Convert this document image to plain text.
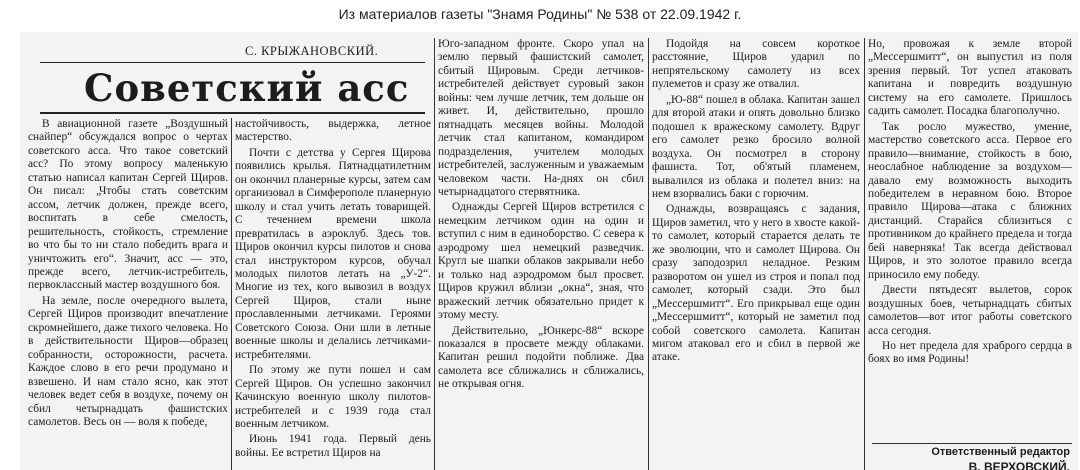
Из материалов газеты "Знамя Родины" № 538 от 22.09.1942 г.
С. КРЫЖАНОВСКИЙ.
Советский асс

В авиационной газете „Воздушный снайпер“ обсуждался вопрос о чертах советского асса. Что такое советский асс? По этому вопросу маленькую статью написал капитан Сергей Щиров. Он писал: „Чтобы стать советским ассом, летчик должен, прежде всего, воспитать в себе смелость, решительность, стойкость, стремление во что бы то ни стало победить врага и уничтожить его“. Значит, асс — это, прежде всего, летчик-истребитель, первоклассный мастер воздушного боя.

На земле, после очередного вылета, Сергей Щиров производит впечатление скромнейшего, даже тихого человека. Но в действительности Щиров—образец собранности, осторожности, расчета. Каждое слово в его речи продумано и взвешено. И нам стало ясно, как этот человек ведет себя в воздухе, почему он сбил четырнадцать фашистских самолетов. Весь он — воля к победе,

настойчивость, выдержка, летное мастерство.

Почти с детства у Сергея Щирова появились крылья. Пятнадцатилетним он окончил планерные курсы, затем сам организовал в Симферополе планерную школу и стал учить летать товарищей. С течением времени школа превратилась в аэроклуб. Здесь тов. Щиров окончил курсы пилотов и снова стал инструктором курсов, обучал молодых пилотов летать на „У-2“. Многие из тех, кого вывозил в воздух Сергей Щиров, стали ныне прославленными летчиками. Героями Советского Союза. Они шли в летные военные школы и делались летчиками-истребителями.

По этому же пути пошел и сам Сергей Щиров. Он успешно закончил Качинскую военную школу пилотов-истребителей и с 1939 года стал военным летчиком.

Июнь 1941 года. Первый день войны. Ее встретил Щиров на

Юго-западном фронте. Скоро упал на землю первый фашистский самолет, сбитый Щировым. Среди летчиков-истребителей действует суровый закон войны: чем лучше летчик, тем дольше он живет. И, действительно, прошло пятнадцать месяцев войны. Молодой летчик стал капитаном, командиром подразделения, учителем молодых истребителей, заслуженным и уважаемым человеком части. На-днях он сбил четырнадцатого стервятника.

Однажды Сергей Щиров встретился с немецким летчиком один на один и вступил с ним в единоборство. С севера к аэродрому шел немецкий разведчик. Кругл ые шапки облаков закрывали небо и только над аэродромом был просвет. Щиров кружил вблизи „окна“, зная, что вражеский летчик обязательно придет к этому месту.

Действительно, „Юнкерс-88“ вскоре показался в просвете между облаками. Капитан решил подойти поближе. Два самолета все сближались и сближались, не открывая огня.

Подойдя на совсем короткое расстояние, Щиров ударил по непрятельскому самолету из всех пулеметов и сразу же отвалил.

„Ю-88“ пошел в облака. Капитан зашел для второй атаки и опять довольно близко подошел к вражескому самолету. Вдруг его самолет резко бросило волной воздуха. Он посмотрел в сторону фашиста. Тот, об'ятый пламенем, вывалился из облака и полетел вниз: на нем взорвались баки с горючим.

Однажды, возвращаясь с задания, Щиров заметил, что у него в хвосте какой-то самолет, который старается делать те же эволюции, что и самолет Щирова. Он сразу заподозрил неладное. Резким разворотом он ушел из строя и попал под самолет, который сзади. Это был „Мессершмитт“. Его прикрывал еще один „Мессершмитт“, который не заметил под собой советского самолета. Капитан мигом атаковал его и сбил в первой же атаке.

Но, провожая к земле второй „Мессершмитт“, он выпустил из поля зрения первый. Тот успел атаковать капитана и повредить воздушную систему на его самолете. Пришлось садить самолет. Посадка благополучно.

Так росло мужество, умение, мастерство советского асса. Первое его правило—внимание, стойкость в бою, неослабное наблюдение за воздухом—давало ему возможность выходить победителем в неравном бою. Второе правило Щирова—атака с ближних дистанций. Старайся сблизиться с противником до крайнего предела и тогда бей наверняка! Так всегда действовал Щиров, и это золотое правило всегда приносило ему победу.

Двести пятьдесят вылетов, сорок воздушных боев, четырнадцать сбитых самолетов—вот итог работы советского асса сегодня.

Но нет предела для храброго сердца в боях во имя Родины!

Ответственный редактор
В. ВЕРХОВСКИЙ.
